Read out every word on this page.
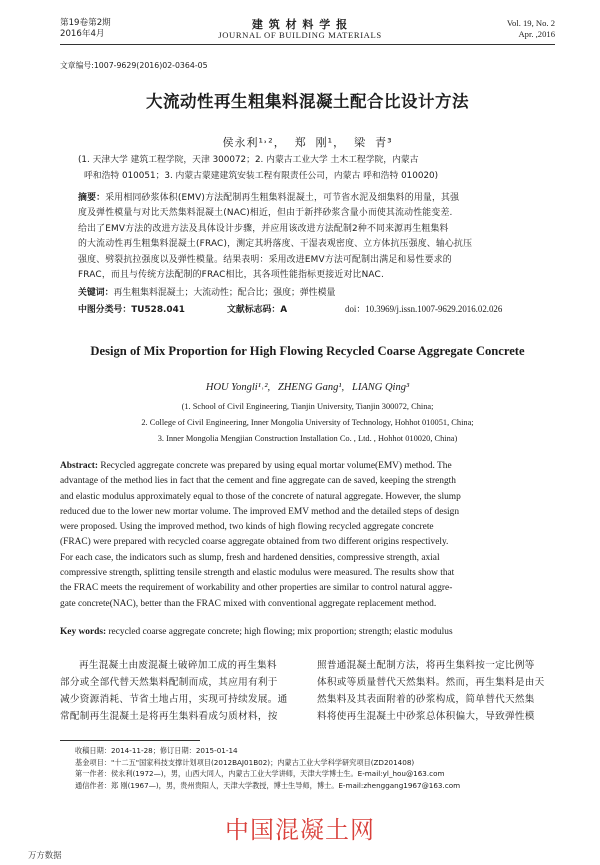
第19卷第2期
2016年4月
建 筑 材 料 学 报
JOURNAL OF BUILDING MATERIALS
Vol. 19, No. 2
Apr. ,2016
文章编号:1007-9629(2016)02-0364-05
大流动性再生粗集料混凝土配合比设计方法
侯永利¹˒²，  郑  刚¹，  梁  青³
(1. 天津大学 建筑工程学院，天津 300072；2. 内蒙古工业大学 土木工程学院，内蒙古
呼和浩特 010051；3. 内蒙古蒙建建筑安装工程有限责任公司，内蒙古 呼和浩特 010020)
摘要：采用相同砂浆体积(EMV)方法配制再生粗集料混凝土，可节省水泥及细集料的用量，其强
度及弹性模量与对比天然集料混凝土(NAC)相近，但由于新拌砂浆含量小而使其流动性能变差.
给出了EMV方法的改进方法及具体设计步骤，并应用该改进方法配制2种不同来源再生粗集料
的大流动性再生粗集料混凝土(FRAC)，测定其坍落度、干湿表观密度、立方体抗压强度、轴心抗压
强度、劈裂抗拉强度以及弹性模量。结果表明：采用改进EMV方法可配制出满足和易性要求的
FRAC，而且与传统方法配制的FRAC相比，其各项性能指标更接近对比NAC.
关键词：再生粗集料混凝土；大流动性；配合比；强度；弹性模量
中图分类号：TU528.041	文献标志码：A	doi：10.3969/j.issn.1007-9629.2016.02.026
Design of Mix Proportion for High Flowing Recycled Coarse Aggregate Concrete
HOU Yongli¹˒²,   ZHENG Gang¹,   LIANG Qing³
(1. School of Civil Engineering, Tianjin University, Tianjin 300072, China;
2. College of Civil Engineering, Inner Mongolia University of Technology, Hohhot 010051, China;
3. Inner Mongolia Mengjian Construction Installation Co. , Ltd. , Hohhot 010020, China)
Abstract: Recycled aggregate concrete was prepared by using equal mortar volume(EMV) method. The
advantage of the method lies in fact that the cement and fine aggregate can de saved, keeping the strength
and elastic modulus approximately equal to those of the concrete of natural aggregate. However, the slump
reduced due to the lower new mortar volume. The improved EMV method and the detailed steps of design
were proposed. Using the improved method, two kinds of high flowing recycled aggregate concrete
(FRAC) were prepared with recycled coarse aggregate obtained from two different origins respectively.
For each case, the indicators such as slump, fresh and hardened densities, compressive strength, axial
compressive strength, splitting tensile strength and elastic modulus were measured. The results show that
the FRAC meets the requirement of workability and other properties are similar to control natural aggre-
gate concrete(NAC), better than the FRAC mixed with conventional aggregate replacement method.
Key words: recycled coarse aggregate concrete; high flowing; mix proportion; strength; elastic modulus
再生混凝土由废混凝土破碎加工成的再生集料
部分或全部代替天然集料配制而成，其应用有利于
减少资源消耗、节省土地占用，实现可持续发展。通
常配制再生混凝土是将再生集料看成匀质材料，按
照普通混凝土配制方法，将再生集料按一定比例等
体积或等质量替代天然集料。然而，再生集料是由天
然集料及其表面附着的砂浆构成，简单替代天然集
料将使再生混凝土中砂浆总体积偏大，导致弹性模
收稿日期：2014-11-28；修订日期：2015-01-14
基金项目："十二五"国家科技支撑计划项目(2012BAJ01B02)；内蒙古工业大学科学研究项目(ZD201408)
第一作者：侯永利(1972—)，男，山西大同人，内蒙古工业大学讲师，天津大学博士生。E-mail:yl_hou@163.com
通信作者：郑 刚(1967—)，男，贵州贵阳人，天津大学教授，博士生导师，博士。E-mail:zhenggang1967@163.com
中国混凝土网
万方数据
